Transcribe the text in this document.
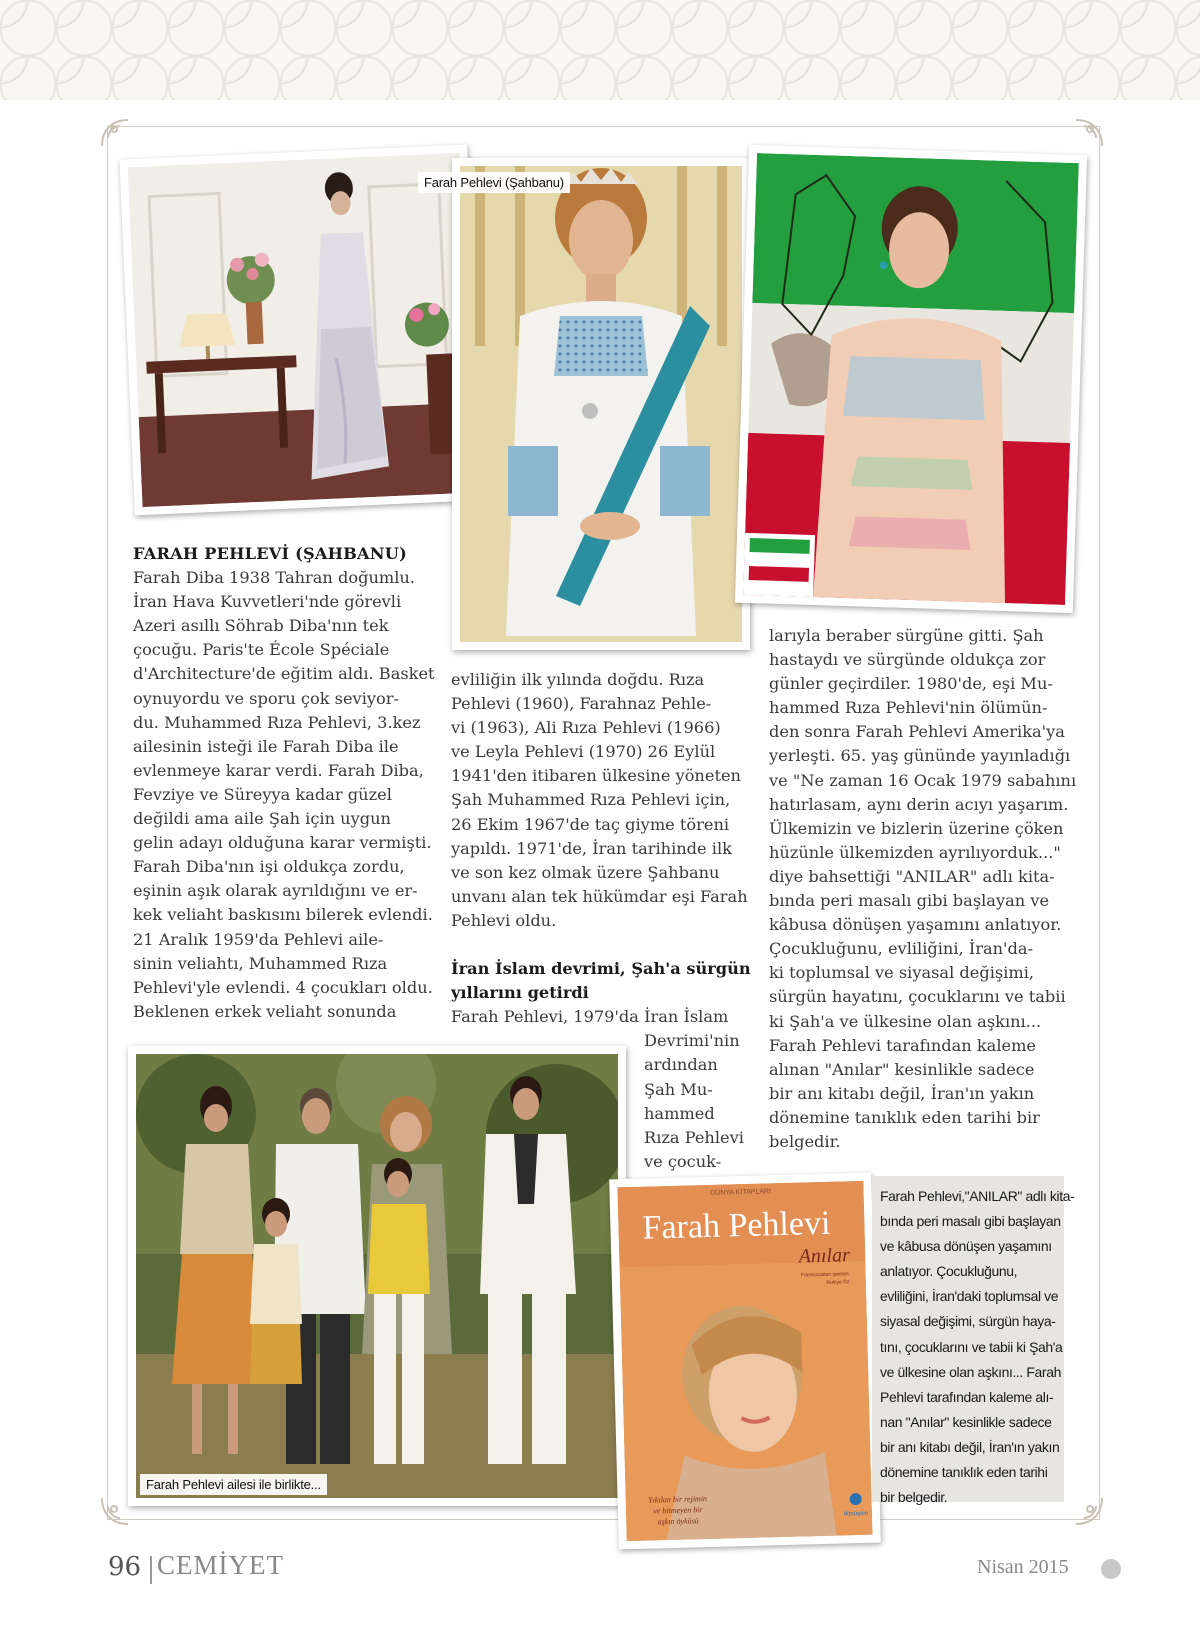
Farah Pehlevi (Şahbanu)

FARAH PEHLEVİ (ŞAHBANU)

Farah Diba 1938 Tahran doğumlu.

İran Hava Kuvvetleri'nde görevli

Azeri asıllı Söhrab Diba'nın tek

çocuğu. Paris'te École Spéciale

d'Architecture'de eğitim aldı. Basket

oynuyordu ve sporu çok seviyor-

du. Muhammed Rıza Pehlevi, 3.kez

ailesinin isteği ile Farah Diba ile

evlenmeye karar verdi. Farah Diba,

Fevziye ve Süreyya kadar güzel

değildi ama aile Şah için uygun

gelin adayı olduğuna karar vermişti.

Farah Diba'nın işi oldukça zordu,

eşinin aşık olarak ayrıldığını ve er-

kek veliaht baskısını bilerek evlendi.

21 Aralık 1959'da Pehlevi aile-

sinin veliahtı, Muhammed Rıza

Pehlevi'yle evlendi. 4 çocukları oldu.

Beklenen erkek veliaht sonunda

evliliğin ilk yılında doğdu. Rıza

Pehlevi (1960), Farahnaz Pehle-

vi (1963), Ali Rıza Pehlevi (1966)

ve Leyla Pehlevi (1970) 26 Eylül

1941'den itibaren ülkesine yöneten

Şah Muhammed Rıza Pehlevi için,

26 Ekim 1967'de taç giyme töreni

yapıldı. 1971'de, İran tarihinde ilk

ve son kez olmak üzere Şahbanu

unvanı alan tek hükümdar eşi Farah

Pehlevi oldu.

İran İslam devrimi, Şah'a sürgün

yıllarını getirdi

Farah Pehlevi, 1979'da İran İslam

Devrimi'nin

ardından

Şah Mu-

hammed

Rıza Pehlevi

ve çocuk-

larıyla beraber sürgüne gitti. Şah

hastaydı ve sürgünde oldukça zor

günler geçirdiler. 1980'de, eşi Mu-

hammed Rıza Pehlevi'nin ölümün-

den sonra Farah Pehlevi Amerika'ya

yerleşti. 65. yaş gününde yayınladığı

ve "Ne zaman 16 Ocak 1979 sabahını

hatırlasam, aynı derin acıyı yaşarım.

Ülkemizin ve bizlerin üzerine çöken

hüzünle ülkemizden ayrılıyorduk..."

diye bahsettiği "ANILAR" adlı kita-

bında peri masalı gibi başlayan ve

kâbusa dönüşen yaşamını anlatıyor.

Çocukluğunu, evliliğini, İran'da-

ki toplumsal ve siyasal değişimi,

sürgün hayatını, çocuklarını ve tabii

ki Şah'a ve ülkesine olan aşkını...

Farah Pehlevi tarafından kaleme

alınan "Anılar" kesinlikle sadece

bir anı kitabı değil, İran'ın yakın

dönemine tanıklık eden tarihi bir

belgedir.

Farah Pehlevi ailesi ile birlikte...
DÜNYA KİTAPLARI
Farah Pehlevi
Anılar
Fransızcadan çeviren
Rukiye Öz
Yıkılan bir rejimin
ve bitmeyen bir
aşkın öyküsü
dönüşüm

Farah Pehlevi,"ANILAR" adlı kita-

bında peri masalı gibi başlayan

ve kâbusa dönüşen yaşamını

anlatıyor. Çocukluğunu,

evliliğini, İran'daki toplumsal ve

siyasal değişimi, sürgün haya-

tını, çocuklarını ve tabii ki Şah'a

ve ülkesine olan aşkını... Farah

Pehlevi tarafından kaleme alı-

nan "Anılar" kesinlikle sadece

bir anı kitabı değil, İran'ın yakın

dönemine tanıklık eden tarihi

bir belgedir.

96 CEMİYET	Nisan 2015
